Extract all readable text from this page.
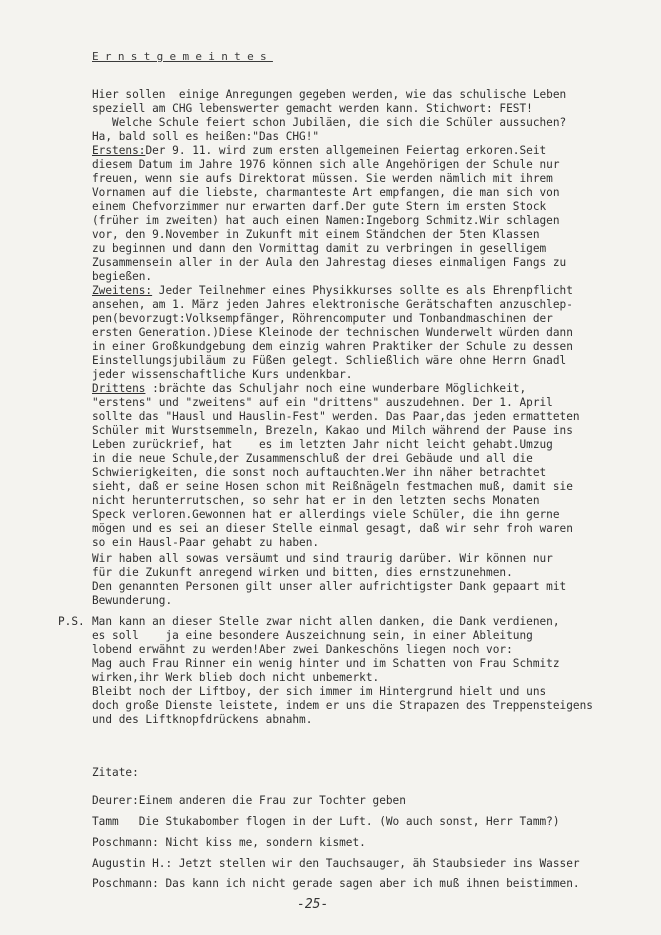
Ernstgemeintes
Hier sollen  einige Anregungen gegeben werden, wie das schulische Leben
speziell am CHG lebenswerter gemacht werden kann. Stichwort: FEST!
Welche Schule feiert schon Jubiläen, die sich die Schüler aussuchen?
Ha, bald soll es heißen:"Das CHG!"
Erstens:Der 9. 11. wird zum ersten allgemeinen Feiertag erkoren.Seit
diesem Datum im Jahre 1976 können sich alle Angehörigen der Schule nur
freuen, wenn sie aufs Direktorat müssen. Sie werden nämlich mit ihrem
Vornamen auf die liebste, charmanteste Art empfangen, die man sich von
einem Chefvorzimmer nur erwarten darf.Der gute Stern im ersten Stock
(früher im zweiten) hat auch einen Namen:Ingeborg Schmitz.Wir schlagen
vor, den 9.November in Zukunft mit einem Ständchen der 5ten Klassen
zu beginnen und dann den Vormittag damit zu verbringen in geselligem
Zusammensein aller in der Aula den Jahrestag dieses einmaligen Fangs zu
begießen.
Zweitens: Jeder Teilnehmer eines Physikkurses sollte es als Ehrenpflicht
ansehen, am 1. März jeden Jahres elektronische Gerätschaften anzuschlep-
pen(bevorzugt:Volksempfänger, Röhrencomputer und Tonbandmaschinen der
ersten Generation.)Diese Kleinode der technischen Wunderwelt würden dann
in einer Großkundgebung dem einzig wahren Praktiker der Schule zu dessen
Einstellungsjubiläum zu Füßen gelegt. Schließlich wäre ohne Herrn Gnadl
jeder wissenschaftliche Kurs undenkbar.
Drittens :brächte das Schuljahr noch eine wunderbare Möglichkeit,
"erstens" und "zweitens" auf ein "drittens" auszudehnen. Der 1. April
sollte das "Hausl und Hauslin-Fest" werden. Das Paar,das jeden ermatteten
Schüler mit Wurstsemmeln, Brezeln, Kakao und Milch während der Pause ins
Leben zurückrief, hat    es im letzten Jahr nicht leicht gehabt.Umzug
in die neue Schule,der Zusammenschluß der drei Gebäude und all die
Schwierigkeiten, die sonst noch auftauchten.Wer ihn näher betrachtet
sieht, daß er seine Hosen schon mit Reißnägeln festmachen muß, damit sie
nicht herunterrutschen, so sehr hat er in den letzten sechs Monaten
Speck verloren.Gewonnen hat er allerdings viele Schüler, die ihn gerne
mögen und es sei an dieser Stelle einmal gesagt, daß wir sehr froh waren
so ein Hausl-Paar gehabt zu haben.
Wir haben all sowas versäumt und sind traurig darüber. Wir können nur
für die Zukunft anregend wirken und bitten, dies ernstzunehmen.
Den genannten Personen gilt unser aller aufrichtigster Dank gepaart mit
Bewunderung.
P.S. Man kann an dieser Stelle zwar nicht allen danken, die Dank verdienen,
es soll    ja eine besondere Auszeichnung sein, in einer Ableitung
lobend erwähnt zu werden!Aber zwei Dankeschöns liegen noch vor:
Mag auch Frau Rinner ein wenig hinter und im Schatten von Frau Schmitz
wirken,ihr Werk blieb doch nicht unbemerkt.
Bleibt noch der Liftboy, der sich immer im Hintergrund hielt und uns
doch große Dienste leistete, indem er uns die Strapazen des Treppensteigens
und des Liftknopfdrückens abnahm.
Zitate:
Deurer:Einem anderen die Frau zur Tochter geben
Tamm   Die Stukabomber flogen in der Luft. (Wo auch sonst, Herr Tamm?)
Poschmann: Nicht kiss me, sondern kismet.
Augustin H.: Jetzt stellen wir den Tauchsauger, äh Staubsieder ins Wasser
Poschmann: Das kann ich nicht gerade sagen aber ich muß ihnen beistimmen.
-25-
